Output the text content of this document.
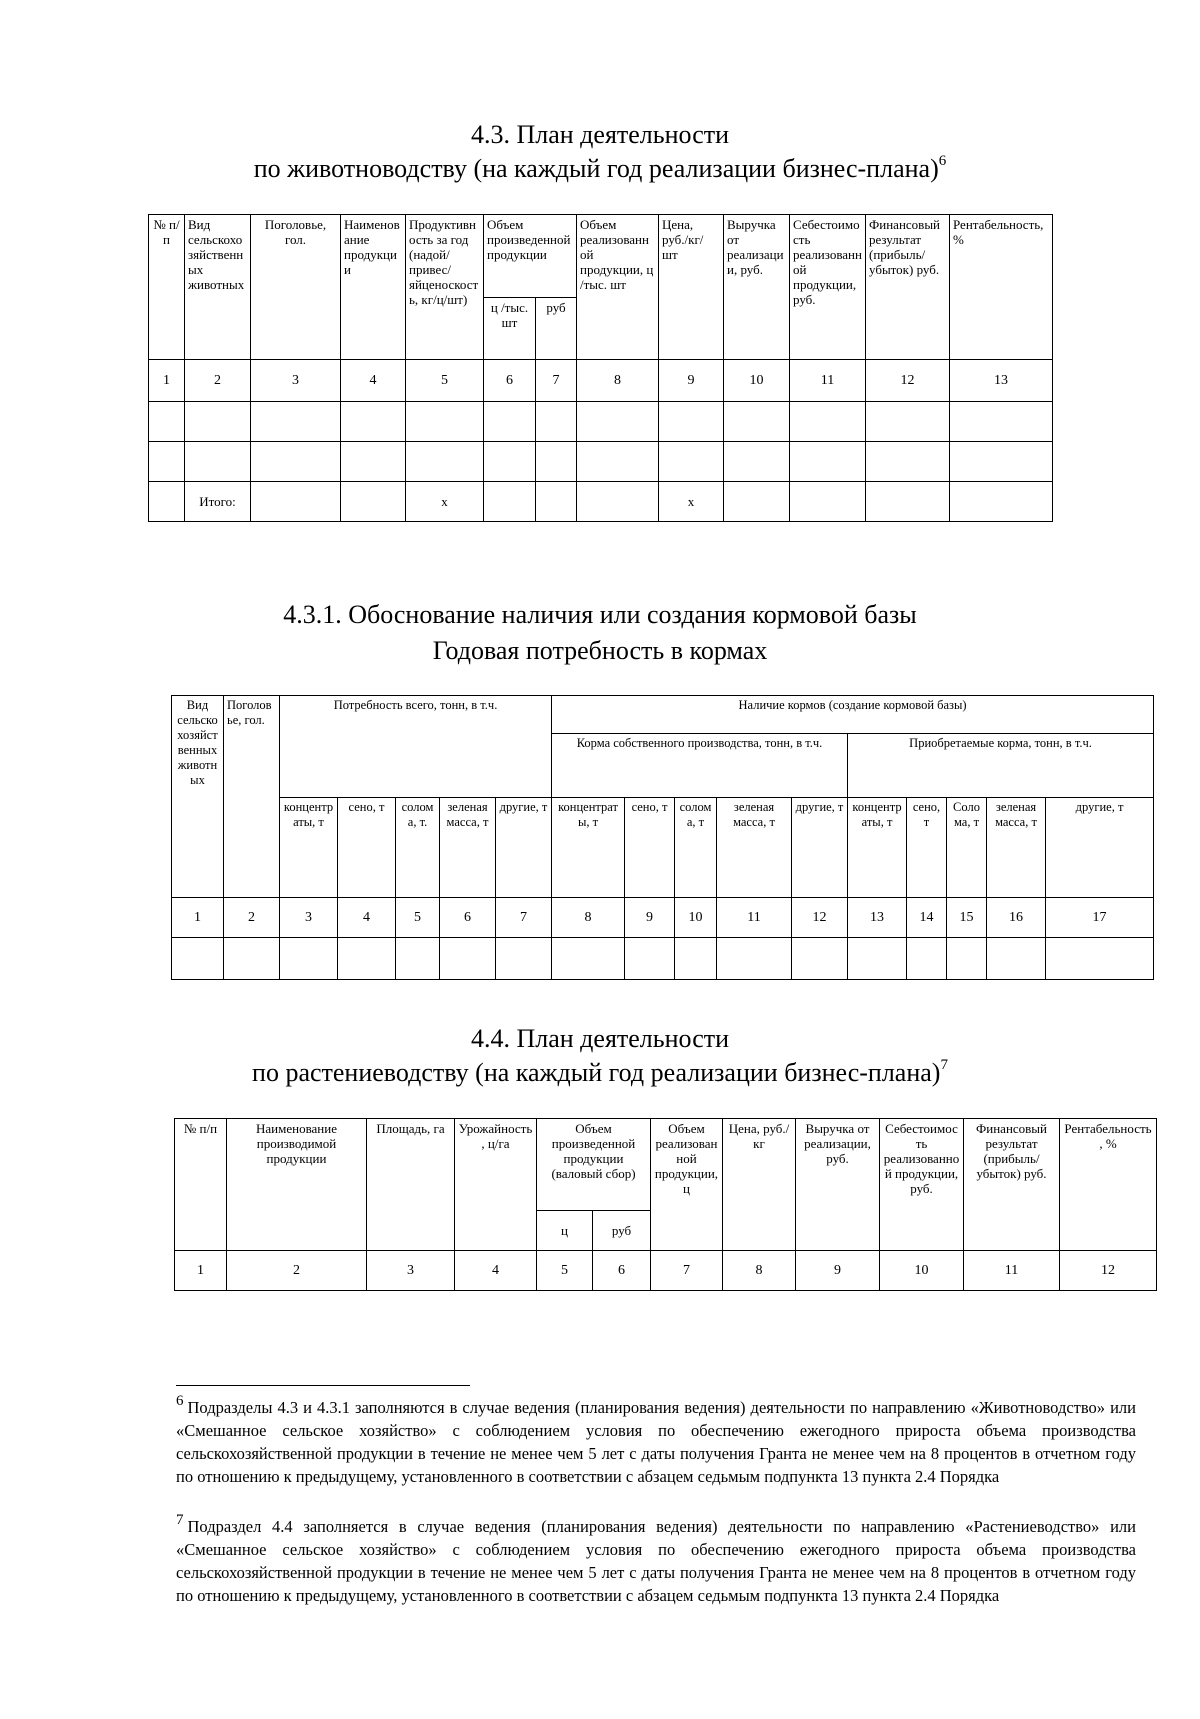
4.3. План деятельности
по животноводству (на каждый год реализации бизнес-плана)$^6$
№ п/п	Вид сельскохозяйственных животных	Поголовье, гол.	Наименование продукции	Продуктивность за год (надой/привес/яйценоскость, кг/ц/шт)	Объем произведенной продукции		Объем реализованной продукции, ц /тыс. шт	Цена, руб./кг/ шт	Выручка от реализации, руб.	Себестоимость реализованной продукции, руб.	Финансовый результат (прибыль/убыток) руб.	Рентабельность, %
					ц /тыс. шт	руб						
1	2	3	4	5	6	7	8	9	10	11	12	13

	Итого:			x				x				
4.3.1. Обоснование наличия или создания кормовой базы
Годовая потребность в кормах
Вид сельскохозяйственных животных	Поголовье, гол.	Потребность всего, тонн, в т.ч.					Наличие кормов (создание кормовой базы)									
							Корма собственного производства, тонн, в т.ч.					Приобретаемые корма, тонн, в т.ч.				
		концентраты, т	сено, т	солома, т.	зеленая масса, т	другие, т	концентраты, т	сено, т	солома, т	зеленая масса, т	другие, т	концентраты, т	сено, т	Солома, т	зеленая масса, т	другие, т
1	2	3	4	5	6	7	8	9	10	11	12	13	14	15	16	17

4.4. План деятельности
по растениеводству (на каждый год реализации бизнес-плана)$^7$
№ п/п	Наименование производимой продукции	Площадь, га	Урожайность, ц/га	Объем произведенной продукции (валовый сбор)		Объем реализованной продукции, ц	Цена, руб./кг	Выручка от реализации, руб.	Себестоимость реализованной продукции, руб.	Финансовый результат (прибыль/убыток) руб.	Рентабельность, %
				ц	руб						
1	2	3	4	5	6	7	8	9	10	11	12

6 Подразделы 4.3 и 4.3.1 заполняются в случае ведения (планирования ведения) деятельности по направлению «Животноводство» или «Смешанное сельское хозяйство» с соблюдением условия по обеспечению ежегодного прироста объема производства сельскохозяйственной продукции в течение не менее чем 5 лет с даты получения Гранта не менее чем на 8 процентов в отчетном году по отношению к предыдущему, установленного в соответствии с абзацем седьмым подпункта 13 пункта 2.4 Порядка

7 Подраздел 4.4 заполняется в случае ведения (планирования ведения) деятельности по направлению «Растениеводство» или «Смешанное сельское хозяйство» с соблюдением условия по обеспечению ежегодного прироста объема производства сельскохозяйственной продукции в течение не менее чем 5 лет с даты получения Гранта не менее чем на 8 процентов в отчетном году по отношению к предыдущему, установленного в соответствии с абзацем седьмым подпункта 13 пункта 2.4 Порядка
